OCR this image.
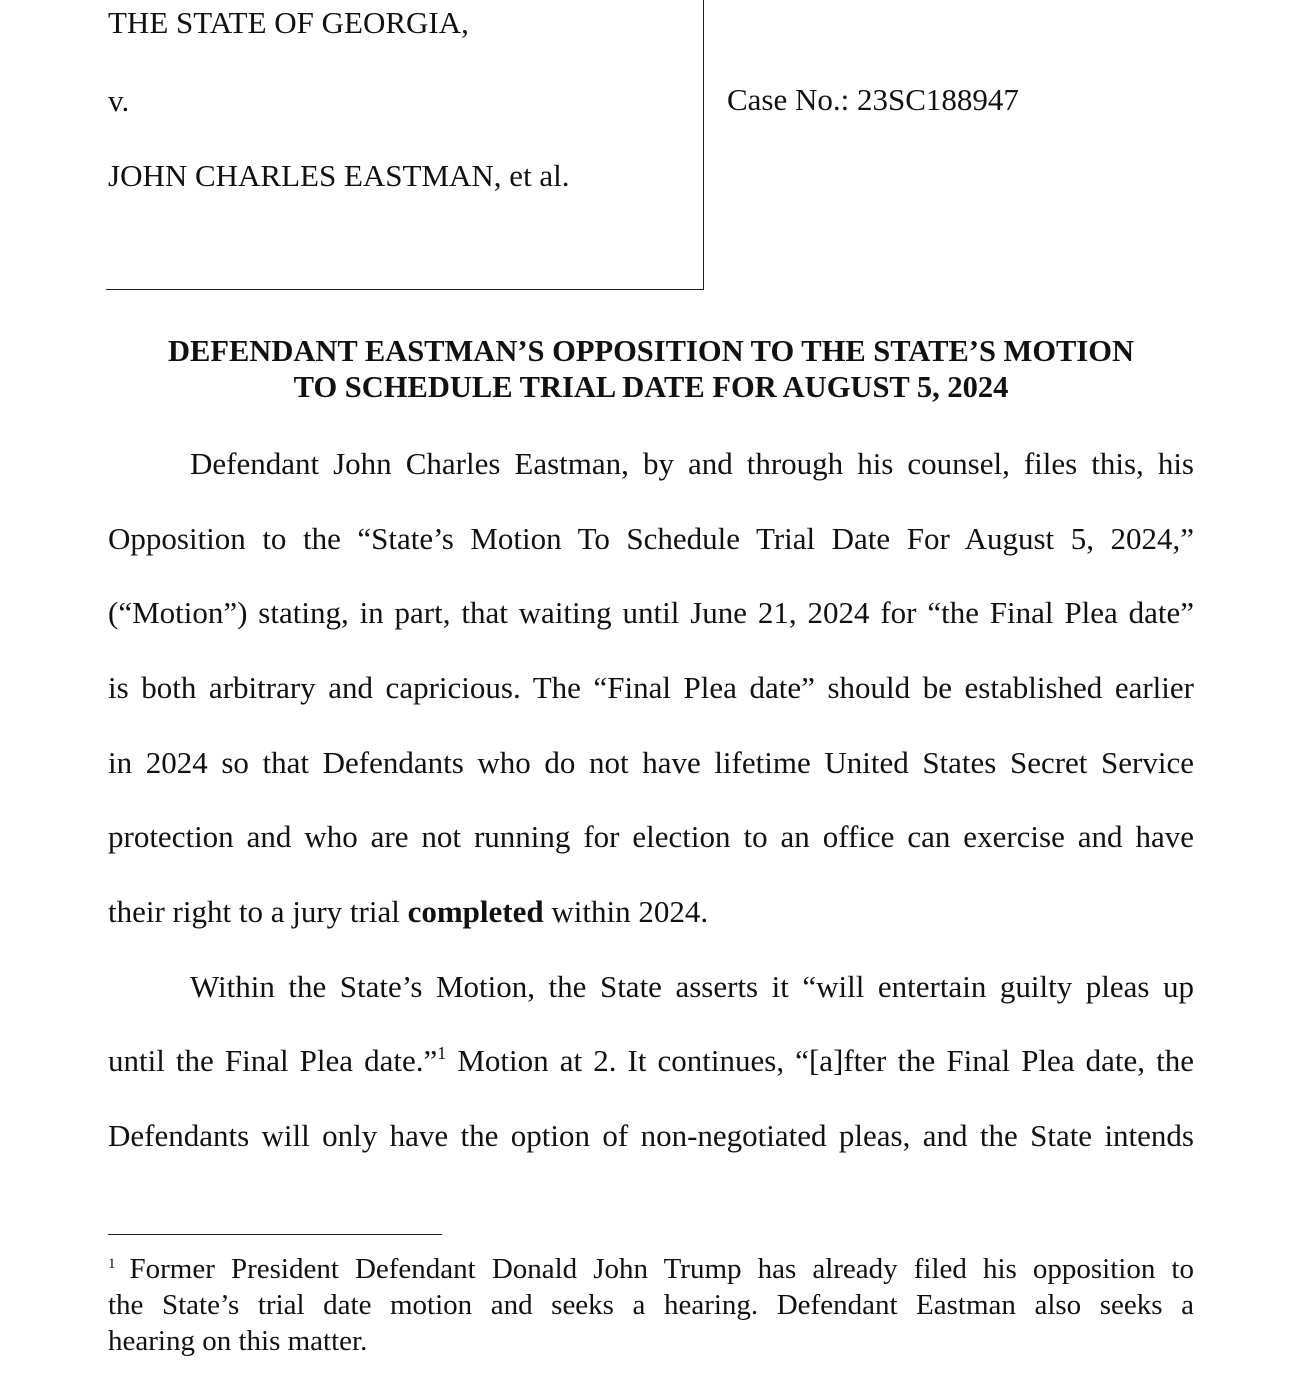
THE STATE OF GEORGIA,
v.
JOHN CHARLES EASTMAN, et al.
Case No.: 23SC188947
DEFENDANT EASTMAN’S OPPOSITION TO THE STATE’S MOTION
TO SCHEDULE TRIAL DATE FOR AUGUST 5, 2024
Defendant John Charles Eastman, by and through his counsel, files this, his
Opposition to the “State’s Motion To Schedule Trial Date For August 5, 2024,”
(“Motion”) stating, in part, that waiting until June 21, 2024 for “the Final Plea date”
is both arbitrary and capricious. The “Final Plea date” should be established earlier
in 2024 so that Defendants who do not have lifetime United States Secret Service
protection and who are not running for election to an office can exercise and have
their right to a jury trial completed within 2024.
Within the State’s Motion, the State asserts it “will entertain guilty pleas up
until the Final Plea date.”$^1$ Motion at 2. It continues, “[a]fter the Final Plea date, the
Defendants will only have the option of non-negotiated pleas, and the State intends
$^1$ Former President Defendant Donald John Trump has already filed his opposition to
the State’s trial date motion and seeks a hearing. Defendant Eastman also seeks a
hearing on this matter.
